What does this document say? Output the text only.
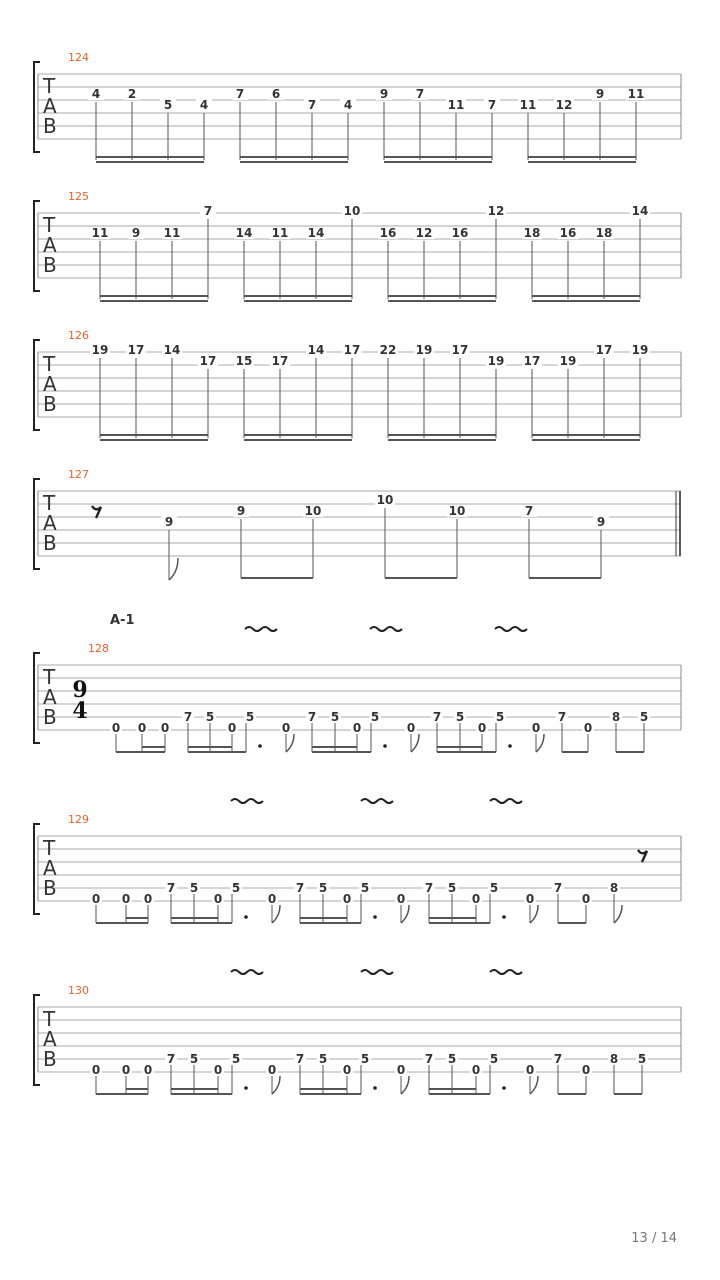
124
T
A
B
4 2
5 4
7 6
7 4
9 7
11 7 11 12
9 11
125
T
A
B
11 9 11
7
14 11 14
10
16 12 16
12
18 16 18
14
126
T
A
B
19 17 14
17 15 17
14 17 22 19 17
19 17 19
17 19
127
T
A
B
9
9	10
10
10	7
9
A-1
128
T
A
B
9
4
0 0 0
7 5
0
5
0
7 5
0
5
0
7 5
0
5
0
7
0
8 5
129
T
A
B	0 0 0
7 5
0
5
0
7 5
0
5
0
7 5
0
5
0
7
0
8
130
T
A
B	0 0 0
7 5
0
5
0
7 5
0
5
0
7 5
0
5
0
7
0
8 5
13 / 14
